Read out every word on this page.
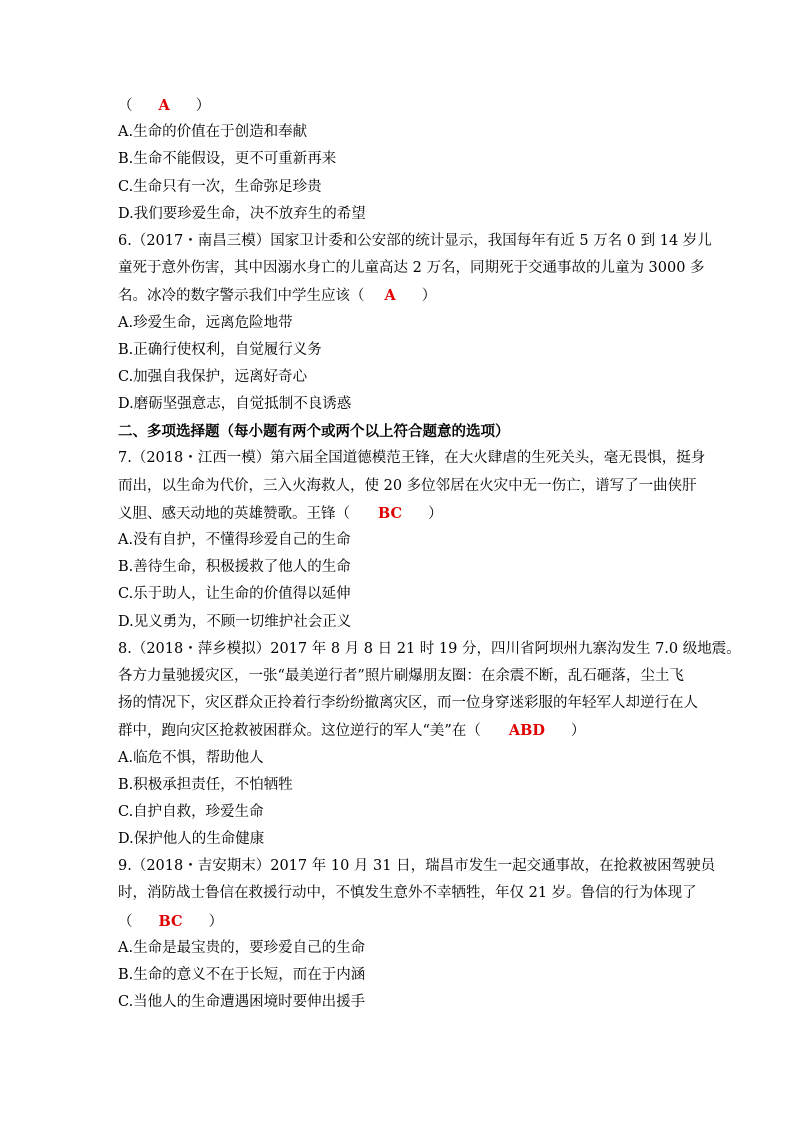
（ A ）
A.生命的价值在于创造和奉献
B.生命不能假设，更不可重新再来
C.生命只有一次，生命弥足珍贵
D.我们要珍爱生命，决不放弃生的希望
6.（2017・南昌三模）国家卫计委和公安部的统计显示，我国每年有近 5 万名 0 到 14 岁儿
童死于意外伤害，其中因溺水身亡的儿童高达 2 万名，同期死于交通事故的儿童为 3000 多
名。冰冷的数字警示我们中学生应该（ A ）
A.珍爱生命，远离危险地带
B.正确行使权利，自觉履行义务
C.加强自我保护，远离好奇心
D.磨砺坚强意志，自觉抵制不良诱惑
二、多项选择题（每小题有两个或两个以上符合题意的选项）
7.（2018・江西一模）第六届全国道德模范王锋，在大火肆虐的生死关头，毫无畏惧，挺身
而出，以生命为代价，三入火海救人，使 20 多位邻居在火灾中无一伤亡，谱写了一曲侠肝
义胆、感天动地的英雄赞歌。王锋（ BC ）
A.没有自护，不懂得珍爱自己的生命
B.善待生命，积极援救了他人的生命
C.乐于助人，让生命的价值得以延伸
D.见义勇为，不顾一切维护社会正义
8.（2018・萍乡模拟）2017 年 8 月 8 日 21 时 19 分，四川省阿坝州九寨沟发生 7.0 级地震。
各方力量驰援灾区，一张“最美逆行者”照片刷爆朋友圈：在余震不断，乱石砸落，尘土飞
扬的情况下，灾区群众正拎着行李纷纷撤离灾区，而一位身穿迷彩服的年轻军人却逆行在人
群中，跑向灾区抢救被困群众。这位逆行的军人“美”在（ ABD ）
A.临危不惧，帮助他人
B.积极承担责任，不怕牺牲
C.自护自救，珍爱生命
D.保护他人的生命健康
9.（2018・吉安期末）2017 年 10 月 31 日，瑞昌市发生一起交通事故，在抢救被困驾驶员
时，消防战士鲁信在救援行动中，不慎发生意外不幸牺牲，年仅 21 岁。鲁信的行为体现了
（ BC ）
A.生命是最宝贵的，要珍爱自己的生命
B.生命的意义不在于长短，而在于内涵
C.当他人的生命遭遇困境时要伸出援手
